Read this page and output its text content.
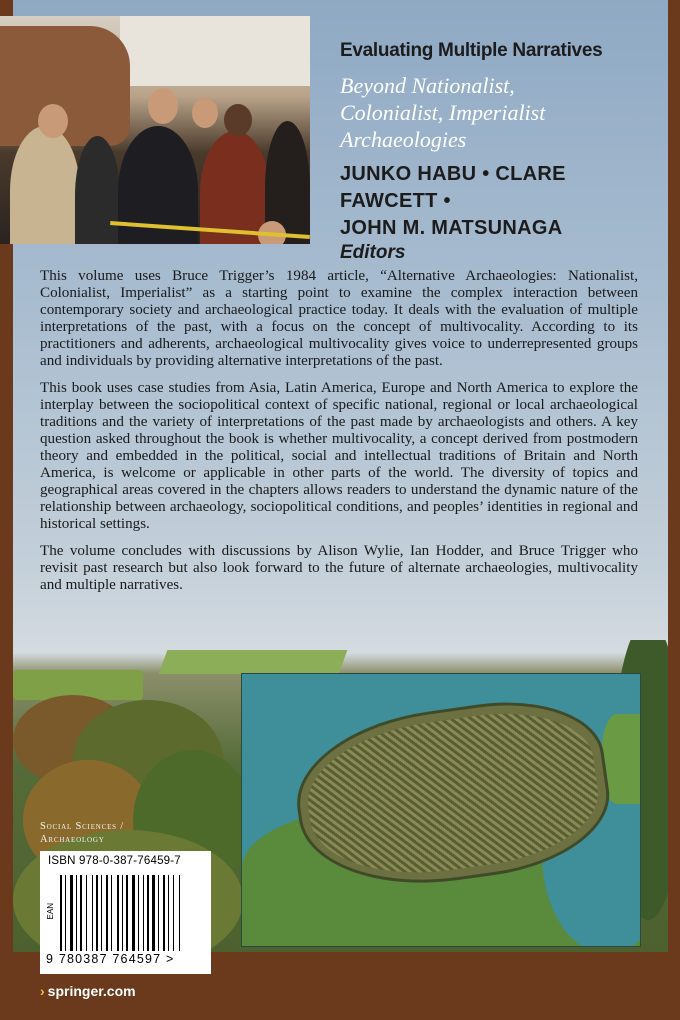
Evaluating Multiple Narratives
Beyond Nationalist,
Colonialist, Imperialist
Archaeologies
JUNKO HABU • CLARE FAWCETT •
JOHN M. MATSUNAGA
Editors

This volume uses Bruce Trigger’s 1984 article, “Alternative Archaeologies: Nationalist, Colonialist, Imperialist” as a starting point to examine the complex interaction between contemporary society and archaeological practice today. It deals with the evaluation of multiple interpretations of the past, with a focus on the concept of multivocality. According to its practitioners and adherents, archaeological multivocality gives voice to underrepresented groups and individuals by providing alternative interpretations of the past.

This book uses case studies from Asia, Latin America, Europe and North America to explore the interplay between the sociopolitical context of specific national, regional or local archaeological traditions and the variety of interpretations of the past made by archaeologists and others. A key question asked throughout the book is whether multivocality, a concept derived from postmodern theory and embedded in the political, social and intellectual traditions of Britain and North America, is welcome or applicable in other parts of the world. The diversity of topics and geographical areas covered in the chapters allows readers to understand the dynamic nature of the relationship between archaeology, sociopolitical conditions, and peoples’ identities in regional and historical settings.

The volume concludes with discussions by Alison Wylie, Ian Hodder, and Bruce Trigger who revisit past research but also look forward to the future of alternate archaeologies, multivocality and multiple narratives.

Social Sciences /
Archaeology
ISBN 978-0-387-76459-7
EAN
9 780387 764597 >
› springer.com
